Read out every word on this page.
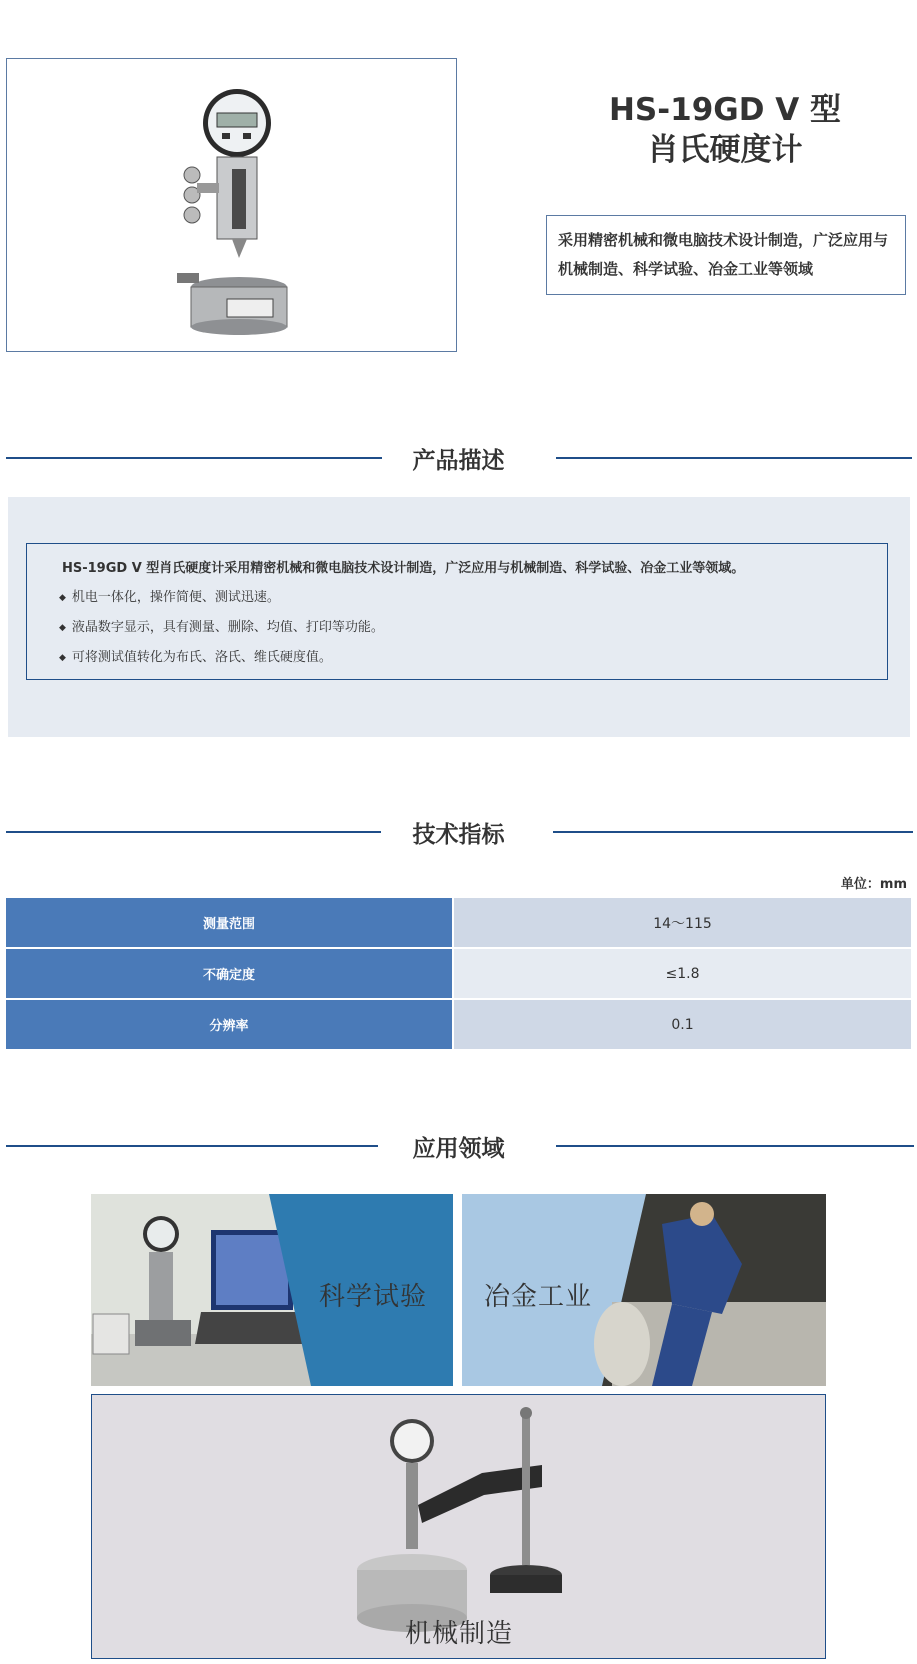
HS-19GD V 型
肖氏硬度计
采用精密机械和微电脑技术设计制造，广泛应用与机械制造、科学试验、冶金工业等领域
产品描述
HS-19GD V 型肖氏硬度计采用精密机械和微电脑技术设计制造，广泛应用与机械制造、科学试验、冶金工业等领域。
◆ 机电一体化，操作简便、测试迅速。
◆ 液晶数字显示，具有测量、删除、均值、打印等功能。
◆ 可将测试值转化为布氏、洛氏、维氏硬度值。
技术指标
单位：mm
测量范围	14～115
不确定度	≤1.8
分辨率	0.1
应用领域
科学试验 冶金工业
机械制造
